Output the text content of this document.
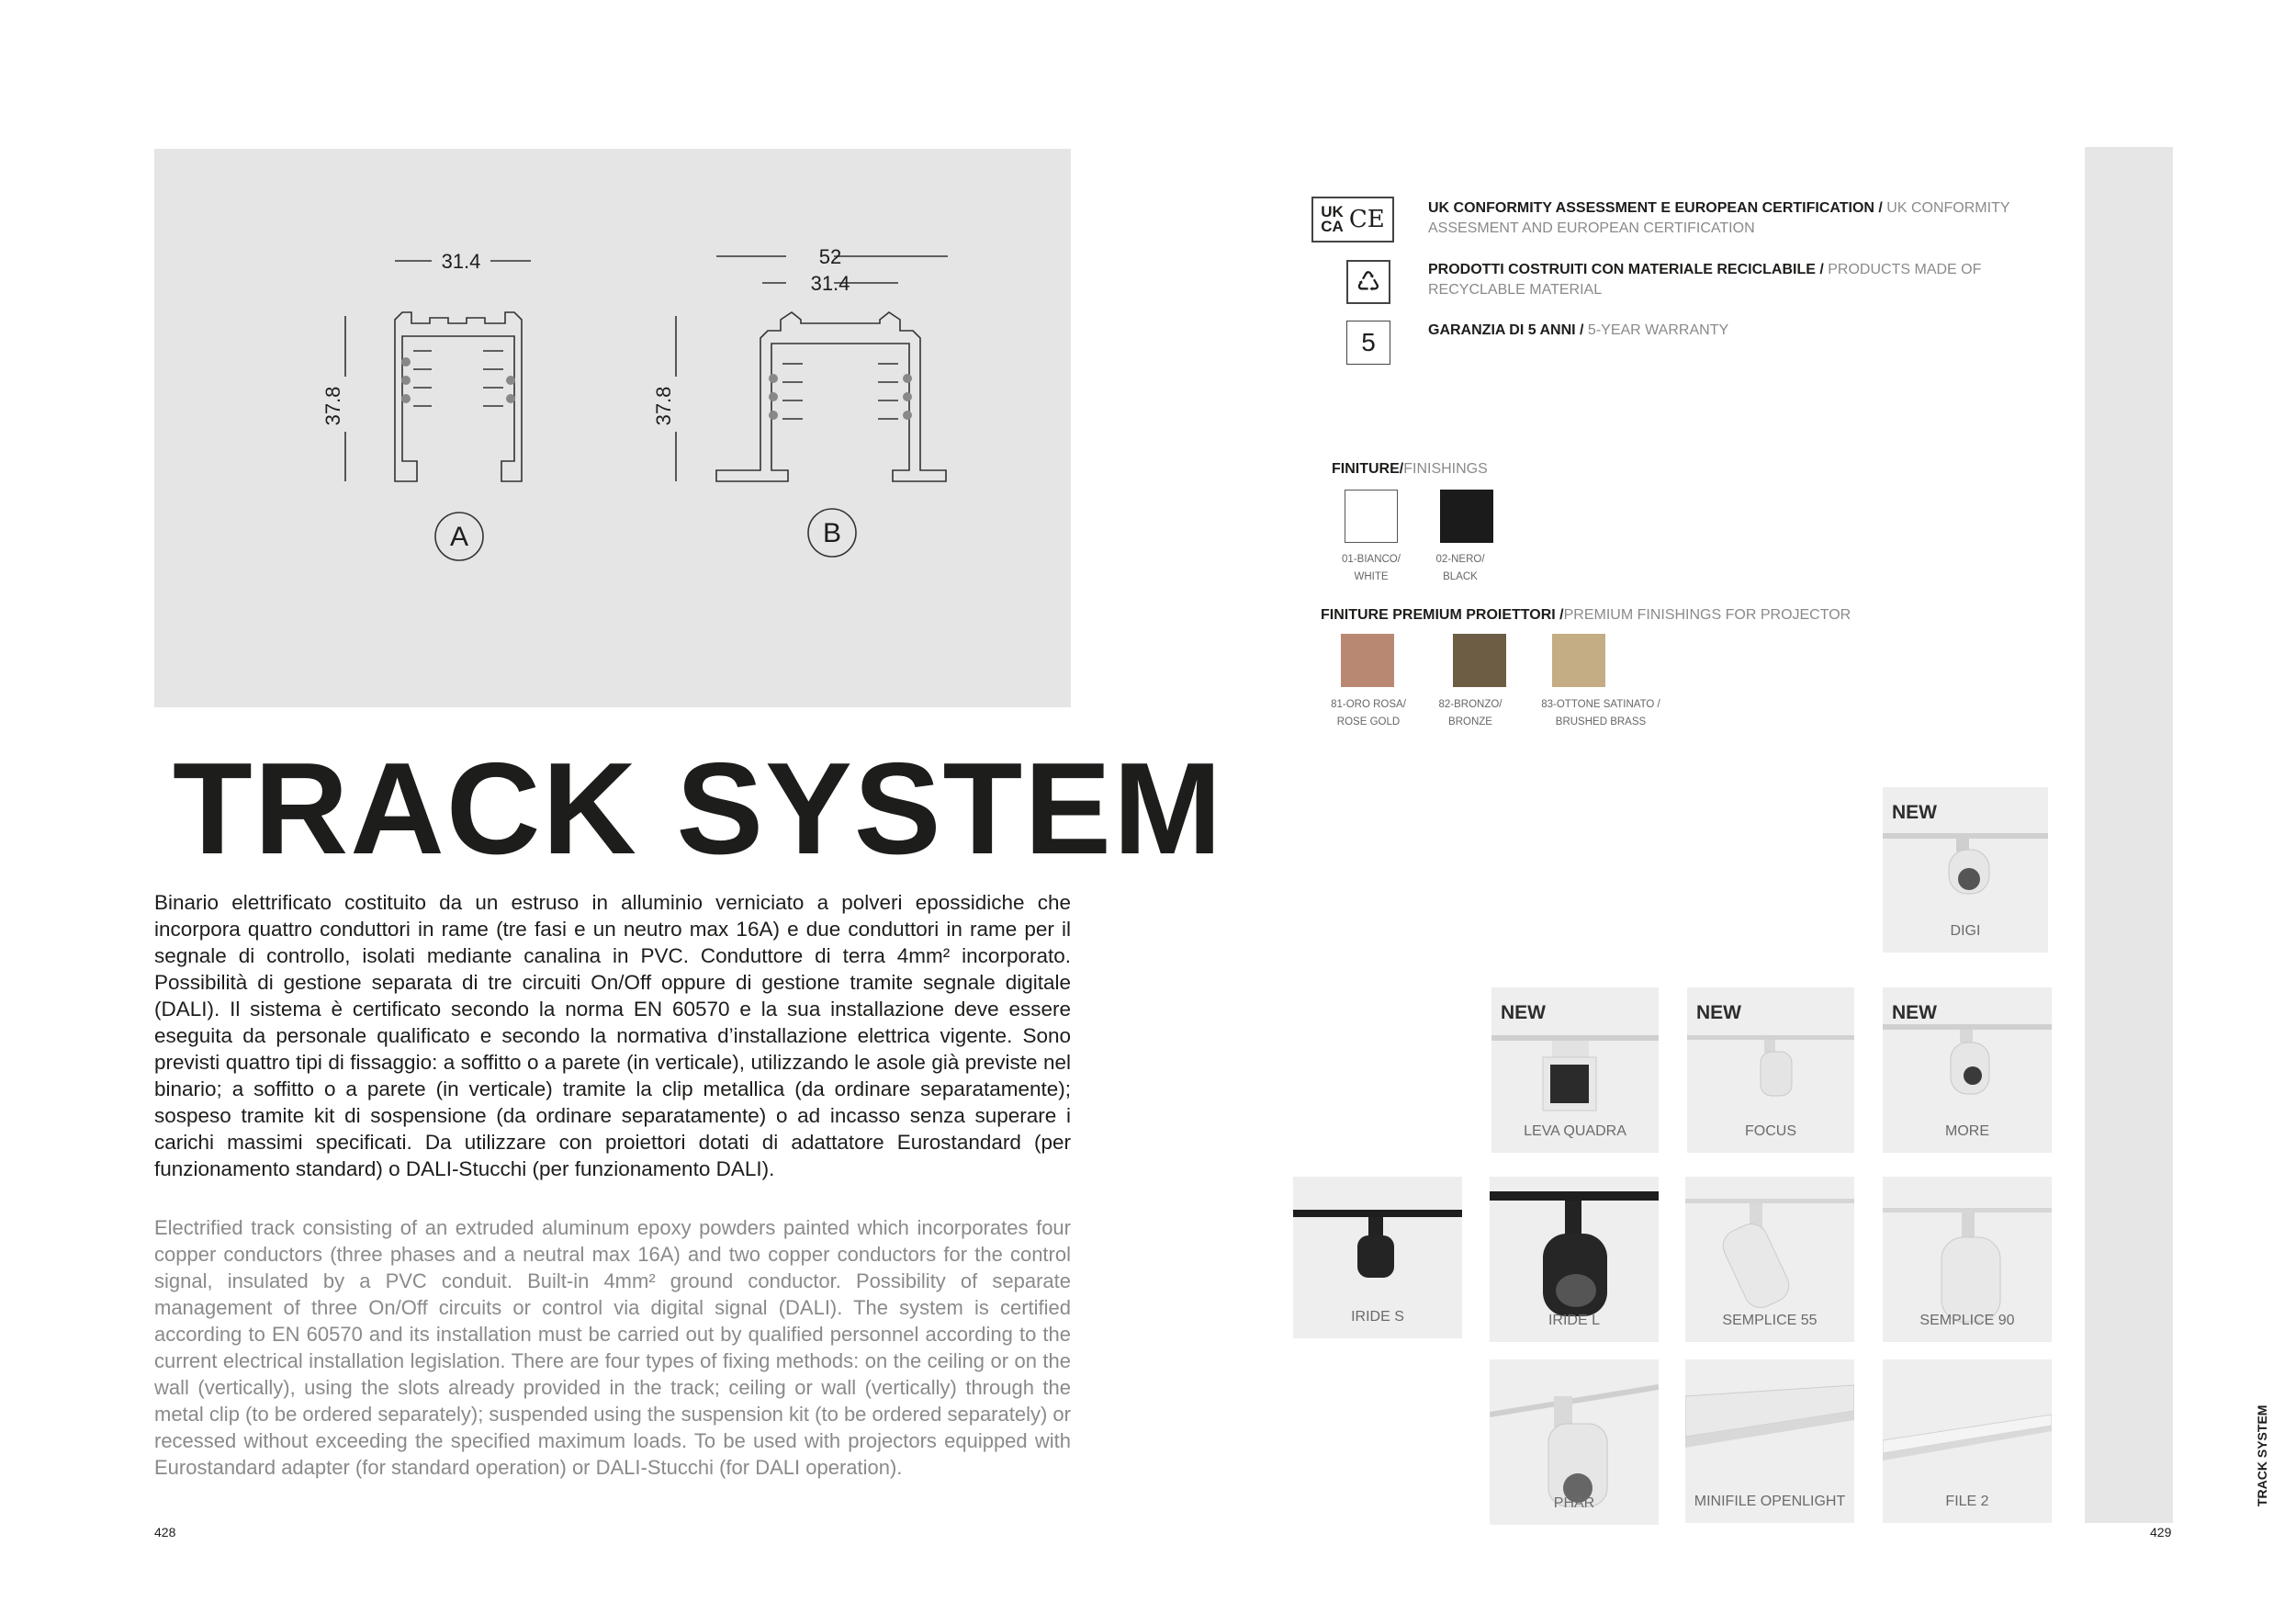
31.4
37.8
A
52
31.4
37.8
B
TRACK SYSTEM
Binario elettrificato costituito da un estruso in alluminio verniciato a polveri epossidiche che incorpora quattro conduttori in rame (tre fasi e un neutro max 16A) e due conduttori in rame per il segnale di controllo, isolati mediante canalina in PVC. Conduttore di terra 4mm² incorporato. Possibilità di gestione separata di tre circuiti On/Off oppure di gestione tramite segnale digitale (DALI). Il sistema è certificato secondo la norma EN 60570 e la sua installazione deve essere eseguita da personale qualificato e secondo la normativa d’installazione elettrica vigente. Sono previsti quattro tipi di fissaggio: a soffitto o a parete (in verticale), utilizzando le asole già previste nel binario; a soffitto o a parete (in verticale) tramite la clip metallica (da ordinare separatamente); sospeso tramite kit di sospensione (da ordinare separatamente) o ad incasso senza superare i carichi massimi specificati. Da utilizzare con proiettori dotati di adattatore Eurostandard (per funzionamento standard) o DALI-Stucchi (per funzionamento DALI).
Electrified track consisting of an extruded aluminum epoxy powders painted which incorporates four copper conductors (three phases and a neutral max 16A) and two copper conductors for the control signal, insulated by a PVC conduit. Built-in 4mm² ground conductor. Possibility of separate management of three On/Off circuits or control via digital signal (DALI). The system is certified according to EN 60570 and its installation must be carried out by qualified personnel according to the current electrical installation legislation. There are four types of fixing methods: on the ceiling or on the wall (vertically), using the slots already provided in the track; ceiling or wall (vertically) through the metal clip (to be ordered separately); suspended using the suspension kit (to be ordered separately) or recessed without exceeding the specified maximum loads. To be used with projectors equipped with Eurostandard adapter (for standard operation) or DALI-Stucchi (for DALI operation).
428
UK
CA CE	UK CONFORMITY ASSESSMENT E EUROPEAN CERTIFICATION / UK CONFORMITY ASSESMENT AND EUROPEAN CERTIFICATION
♺	PRODOTTI COSTRUITI CON MATERIALE RECICLABILE / PRODUCTS MADE OF RECYCLABLE MATERIAL
5	GARANZIA DI 5 ANNI / 5-YEAR WARRANTY
FINITURE/FINISHINGS
01-BIANCO/
WHITE
02-NERO/
BLACK
FINITURE PREMIUM PROIETTORI /PREMIUM FINISHINGS FOR PROJECTOR
81-ORO ROSA/
ROSE GOLD
82-BRONZO/
BRONZE
83-OTTONE SATINATO /
BRUSHED BRASS
NEW
DIGI
NEW
LEVA QUADRA
NEW
FOCUS
NEW
MORE
IRIDE S	IRIDE L	SEMPLICE 55	SEMPLICE 90
PHAR	MINIFILE OPENLIGHT	FILE 2	TRACK SYSTEM
429
